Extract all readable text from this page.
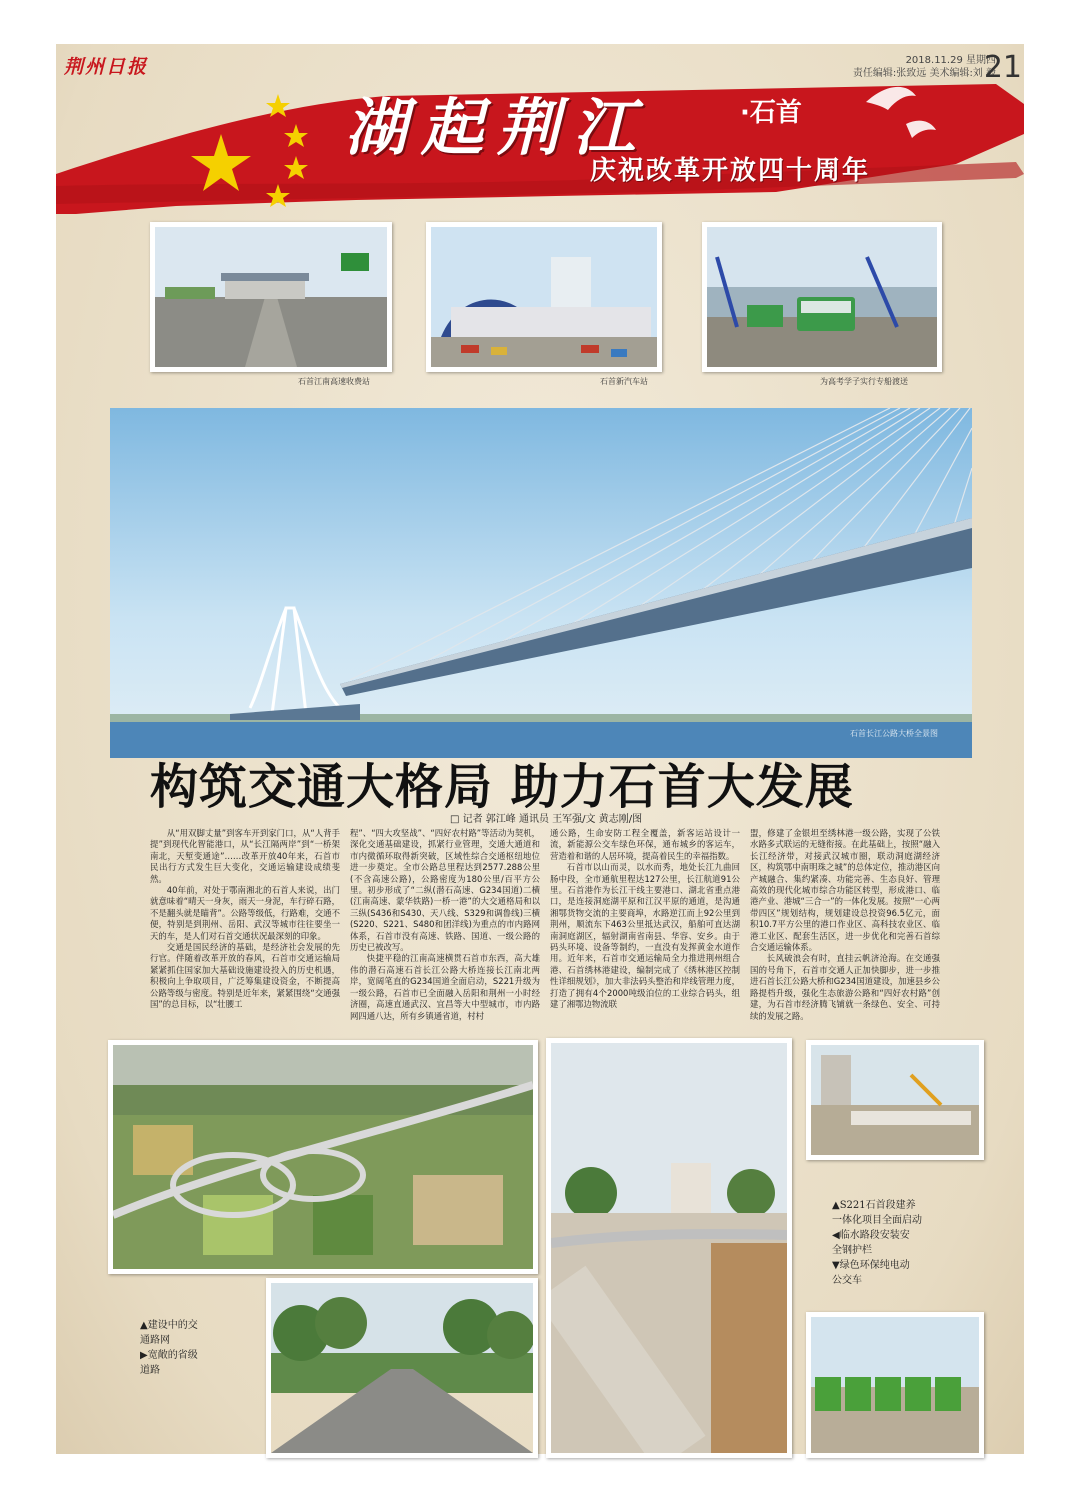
荆州日报	2018.11.29 星期四
责任编辑:张致远 美术编辑:刘 毅
21
湖起荆江	·石首
庆祝改革开放四十周年
石首江南高速收费站	石首新汽车站	为高考学子实行专船渡送
石首长江公路大桥全景图
构筑交通大格局 助力石首大发展
□ 记者 郭江峰 通讯员 王军强/文 黄志刚/图

从“用双脚丈量”到客车开到家门口，从“人背手提”到现代化智能港口，从“长江隔两岸”到“一桥架南北，天堑变通途”……改革开放40年来，石首市民出行方式发生巨大变化，交通运输建设成绩斐然。

40年前，对处于鄂南湘北的石首人来说，出门就意味着“晴天一身灰，雨天一身泥，车行碎石路，不是翻头就是瞄背”。公路等级低，行路难，交通不便，特别是到荆州、岳阳、武汉等城市往往要坐一天的车，是人们对石首交通状况最深刻的印象。

交通是国民经济的基础，是经济社会发展的先行官。伴随着改革开放的春风，石首市交通运输局紧紧抓住国家加大基础设施建设投入的历史机遇，积极向上争取项目，广泛筹集建设资金，不断提高公路等级与密度。特别是近年来，紧紧围绕“交通强国”的总目标，以“壮腰工

程”、“四大攻坚战”、“四好农村路”等活动为契机，深化交通基础建设，抓紧行业管理，交通大通道和市内微循环取得新突破，区域性综合交通枢纽地位进一步奠定。全市公路总里程达到2577.288公里(不含高速公路)，公路密度为180公里/百平方公里。初步形成了“二纵(潜石高速、G234国道)二横(江南高速、蒙华铁路)一桥一港”的大交通格局和以三纵(S436和S430、天八线、S329和调鲁线)三横(S220、S221、S480和团洋线)为重点的市内路网体系，石首市没有高速、铁路、国道、一级公路的历史已被改写。

快捷平稳的江南高速横贯石首市东西，高大雄伟的潜石高速石首长江公路大桥连接长江南北两岸，宽阔笔直的G234国道全面启动，S221升级为一级公路，石首市已全面融入岳阳和荆州一小时经济圈，高速直通武汉、宜昌等大中型城市，市内路网四通八达，所有乡镇通省道，村村

通公路，生命安防工程全覆盖，新客运站设计一流，新能源公交车绿色环保，通布城乡的客运车，营造着和谐的人居环境，提高着民生的幸福指数。

石首市以山而灵，以水而秀，地处长江九曲回肠中段，全市通航里程达127公里，长江航道91公里。石首港作为长江干线主要港口、湖北省重点港口，是连接洞庭湖平原和江汉平原的通道，是沟通湘鄂货物交流的主要商埠，水路逆江而上92公里到荆州，顺流东下463公里抵达武汉，船舶可直达湖南洞庭湖区，辐射湖南省南县、华容、安乡。由于码头环境、设备等制约，一直没有发挥黄金水道作用。近年来，石首市交通运输局全力推进荆州组合港、石首绣林港建设，编制完成了《绣林港区控制性详细规划》，加大非法码头整治和岸线管理力度，打造了拥有4个2000吨级泊位的工业综合码头，组建了湘鄂边物流联

盟，修建了金银坦至绣林港一级公路，实现了公铁水路多式联运的无缝衔接。在此基础上，按照“融入长江经济带，对接武汉城市圈，联动洞庭湖经济区，构筑鄂中南明珠之城”的总体定位，推动港区向产城融合、集约紧凑、功能完善、生态良好、管理高效的现代化城市综合功能区转型，形成港口、临港产业、港城“三合一”的一体化发展。按照“一心两带四区”规划结构，规划建设总投资96.5亿元，面积10.7平方公里的港口作业区、高科技农业区、临港工业区、配套生活区，进一步优化和完善石首综合交通运输体系。

长风破浪会有时，直挂云帆济沧海。在交通强国的号角下，石首市交通人正加快脚步，进一步推进石首长江公路大桥和G234国道建设，加速县乡公路提档升级，强化生态旅游公路和“四好农村路”创建，为石首市经济腾飞铺就一条绿色、安全、可持续的发展之路。

▲建设中的交
通路网
▶宽敞的省级
道路
▲S221石首段建养
一体化项目全面启动
◀临水路段安装安
全钢护栏
▼绿色环保纯电动
公交车
